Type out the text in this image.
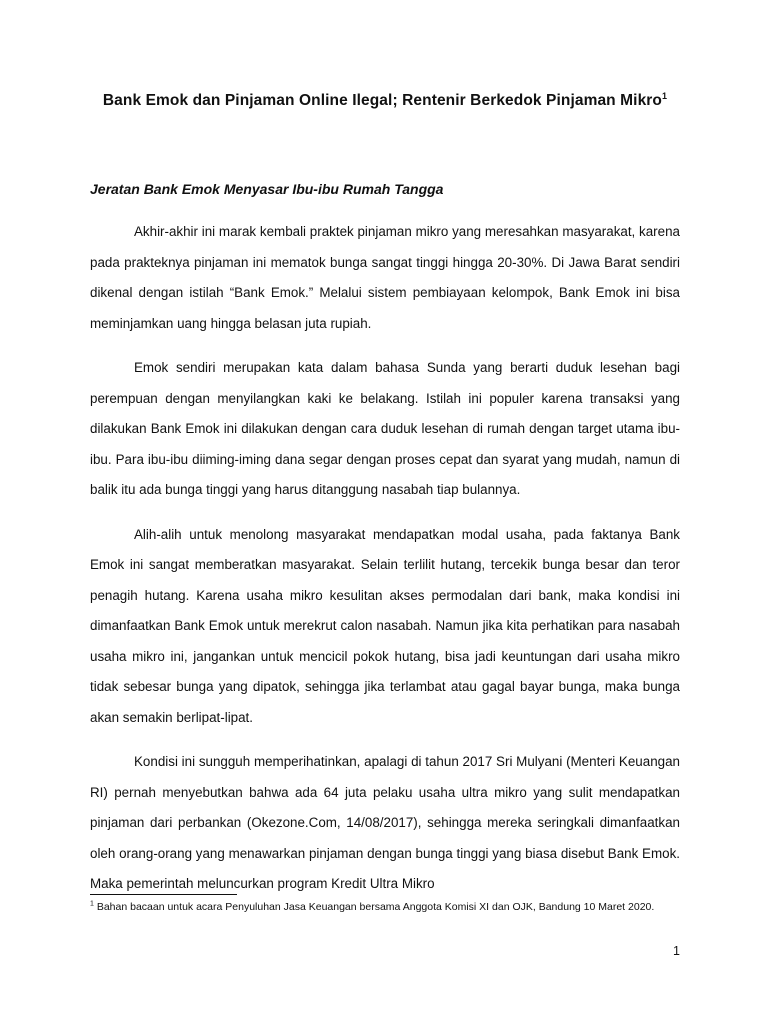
Bank Emok dan Pinjaman Online Ilegal; Rentenir Berkedok Pinjaman Mikro$^1$
Jeratan Bank Emok Menyasar Ibu-ibu Rumah Tangga

Akhir-akhir ini marak kembali praktek pinjaman mikro yang meresahkan masyarakat, karena pada prakteknya pinjaman ini mematok bunga sangat tinggi hingga 20-30%. Di Jawa Barat sendiri dikenal dengan istilah “Bank Emok.” Melalui sistem pembiayaan kelompok, Bank Emok ini bisa meminjamkan uang hingga belasan juta rupiah.

Emok sendiri merupakan kata dalam bahasa Sunda yang berarti duduk lesehan bagi perempuan dengan menyilangkan kaki ke belakang. Istilah ini populer karena transaksi yang dilakukan Bank Emok ini dilakukan dengan cara duduk lesehan di rumah dengan target utama ibu-ibu. Para ibu-ibu diiming-iming dana segar dengan proses cepat dan syarat yang mudah, namun di balik itu ada bunga tinggi yang harus ditanggung nasabah tiap bulannya.

Alih-alih untuk menolong masyarakat mendapatkan modal usaha, pada faktanya Bank Emok ini sangat memberatkan masyarakat. Selain terlilit hutang, tercekik bunga besar dan teror penagih hutang. Karena usaha mikro kesulitan akses permodalan dari bank, maka kondisi ini dimanfaatkan Bank Emok untuk merekrut calon nasabah. Namun jika kita perhatikan para nasabah usaha mikro ini, jangankan untuk mencicil pokok hutang, bisa jadi keuntungan dari usaha mikro tidak sebesar bunga yang dipatok, sehingga jika terlambat atau gagal bayar bunga, maka bunga akan semakin berlipat-lipat.

Kondisi ini sungguh memperihatinkan, apalagi di tahun 2017 Sri Mulyani (Menteri Keuangan RI) pernah menyebutkan bahwa ada 64 juta pelaku usaha ultra mikro yang sulit mendapatkan pinjaman dari perbankan (Okezone.Com, 14/08/2017), sehingga mereka seringkali dimanfaatkan oleh orang-orang yang menawarkan pinjaman dengan bunga tinggi yang biasa disebut Bank Emok. Maka pemerintah meluncurkan program Kredit Ultra Mikro

$^1$ Bahan bacaan untuk acara Penyuluhan Jasa Keuangan bersama Anggota Komisi XI dan OJK, Bandung 10 Maret 2020.
1
